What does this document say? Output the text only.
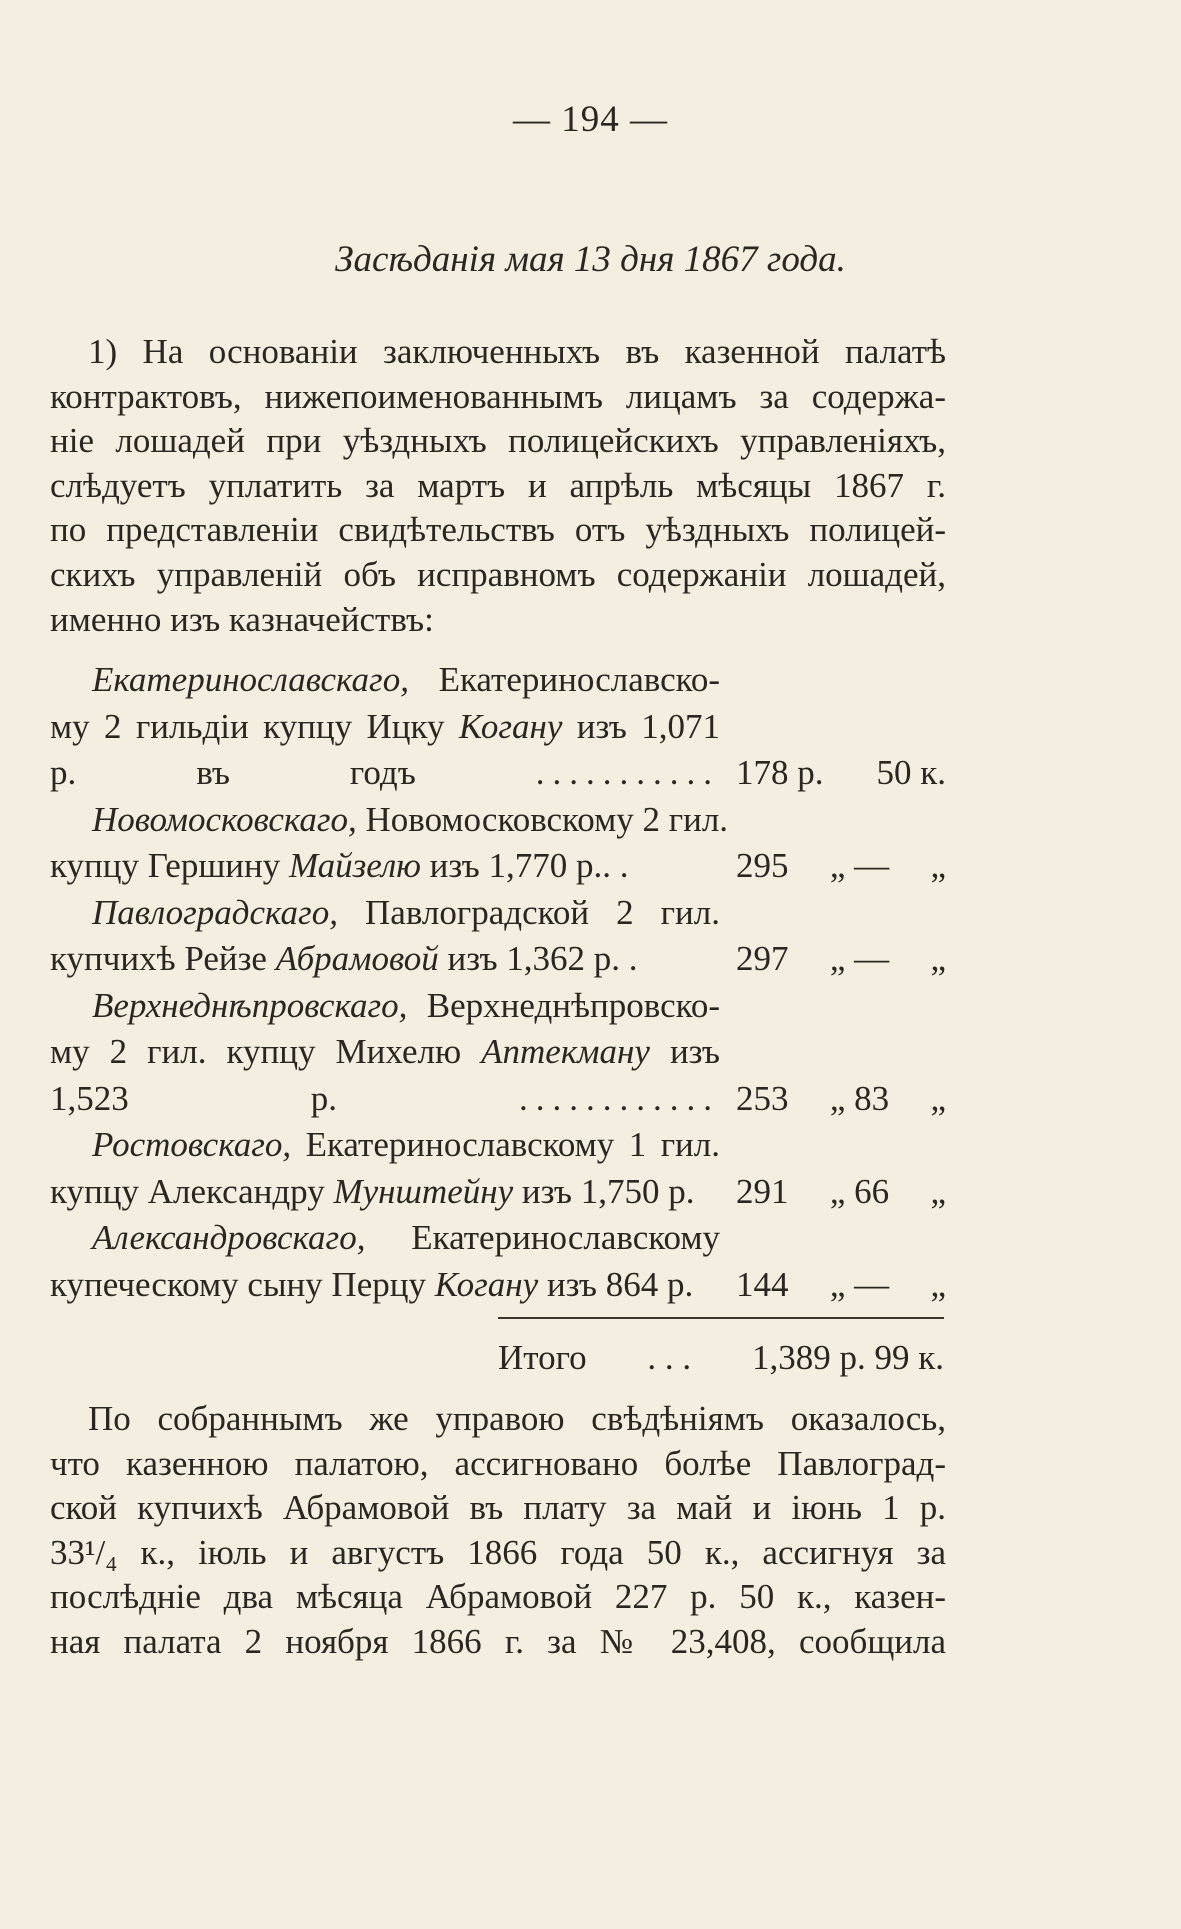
— 194 —
Засѣданія мая 13 дня 1867 года.
1) На основаніи заключенныхъ въ казенной палатѣ
контрактовъ, нижепоименованнымъ лицамъ за содержа-
ніе лошадей при уѣздныхъ полицейскихъ управленіяхъ,
слѣдуетъ уплатить за мартъ и апрѣль мѣсяцы 1867 г.
по представленіи свидѣтельствъ отъ уѣздныхъ полицей-
скихъ управленій объ исправномъ содержаніи лошадей,
именно изъ казначействъ:
Екатеринославскаго, Екатеринославско-
му 2 гильдіи купцу Ицку Когану изъ 1,071
р. въ годъ	........... 178 р. 50 к.
Новомосковскаго, Новомосковскому 2 гил.
купцу Гершину Майзелю изъ 1,770 р.. .	295 „ — „
Павлоградскаго, Павлоградской 2 гил.
купчихѣ Рейзе Абрамовой изъ 1,362 р. .	297 „ — „
Верхнеднѣпровскаго, Верхнеднѣпровско-
му 2 гил. купцу Михелю Аптекману изъ
1,523 р.	............ 253 „ 83 „
Ростовскаго, Екатеринославскому 1 гил.
купцу Александру Мунштейну изъ 1,750 р.	291 „ 66 „
Александровскаго, Екатеринославскому
купеческому сыну Перцу Когану изъ 864 р.	144 „ — „
Итого . . . 1,389 р. 99 к.
По собраннымъ же управою свѣдѣніямъ оказалось,
что казенною палатою, ассигновано болѣе Павлоград-
ской купчихѣ Абрамовой въ плату за май и іюнь 1 р.
33¹/₄ к., іюль и августъ 1866 года 50 к., ассигнуя за
послѣдніе два мѣсяца Абрамовой 227 р. 50 к., казен-
ная палата 2 ноября 1866 г. за № 23,408, сообщила
